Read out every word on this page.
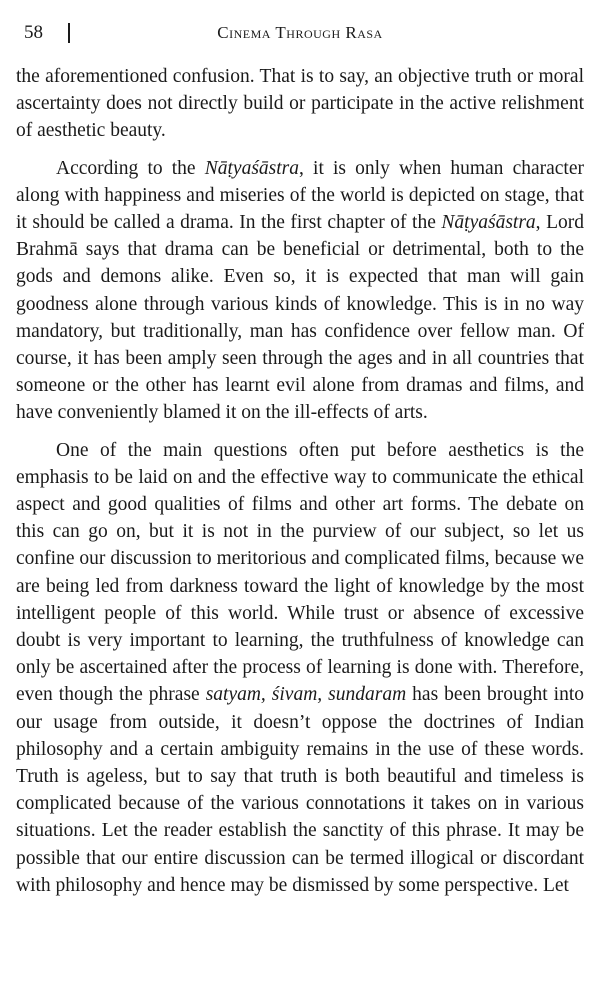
58	Cinema Through Rasa

the aforementioned confusion. That is to say, an objective truth or moral ascertainty does not directly build or participate in the active relishment of aesthetic beauty.

According to the Nāṭyaśāstra, it is only when human character along with happiness and miseries of the world is depicted on stage, that it should be called a drama. In the first chapter of the Nāṭyaśāstra, Lord Brahmā says that drama can be beneficial or detrimental, both to the gods and demons alike. Even so, it is expected that man will gain goodness alone through various kinds of knowledge. This is in no way mandatory, but traditionally, man has confidence over fellow man. Of course, it has been amply seen through the ages and in all countries that someone or the other has learnt evil alone from dramas and films, and have conveniently blamed it on the ill-effects of arts.

One of the main questions often put before aesthetics is the emphasis to be laid on and the effective way to communicate the ethical aspect and good qualities of films and other art forms. The debate on this can go on, but it is not in the purview of our subject, so let us confine our discussion to meritorious and complicated films, because we are being led from darkness toward the light of knowledge by the most intelligent people of this world. While trust or absence of excessive doubt is very important to learning, the truthfulness of knowledge can only be ascertained after the process of learning is done with. Therefore, even though the phrase satyam, śivam, sundaram has been brought into our usage from outside, it doesn’t oppose the doctrines of Indian philosophy and a certain ambiguity remains in the use of these words. Truth is ageless, but to say that truth is both beautiful and timeless is complicated because of the various connotations it takes on in various situations. Let the reader establish the sanctity of this phrase. It may be possible that our entire discussion can be termed illogical or discordant with philosophy and hence may be dismissed by some perspective. Let
